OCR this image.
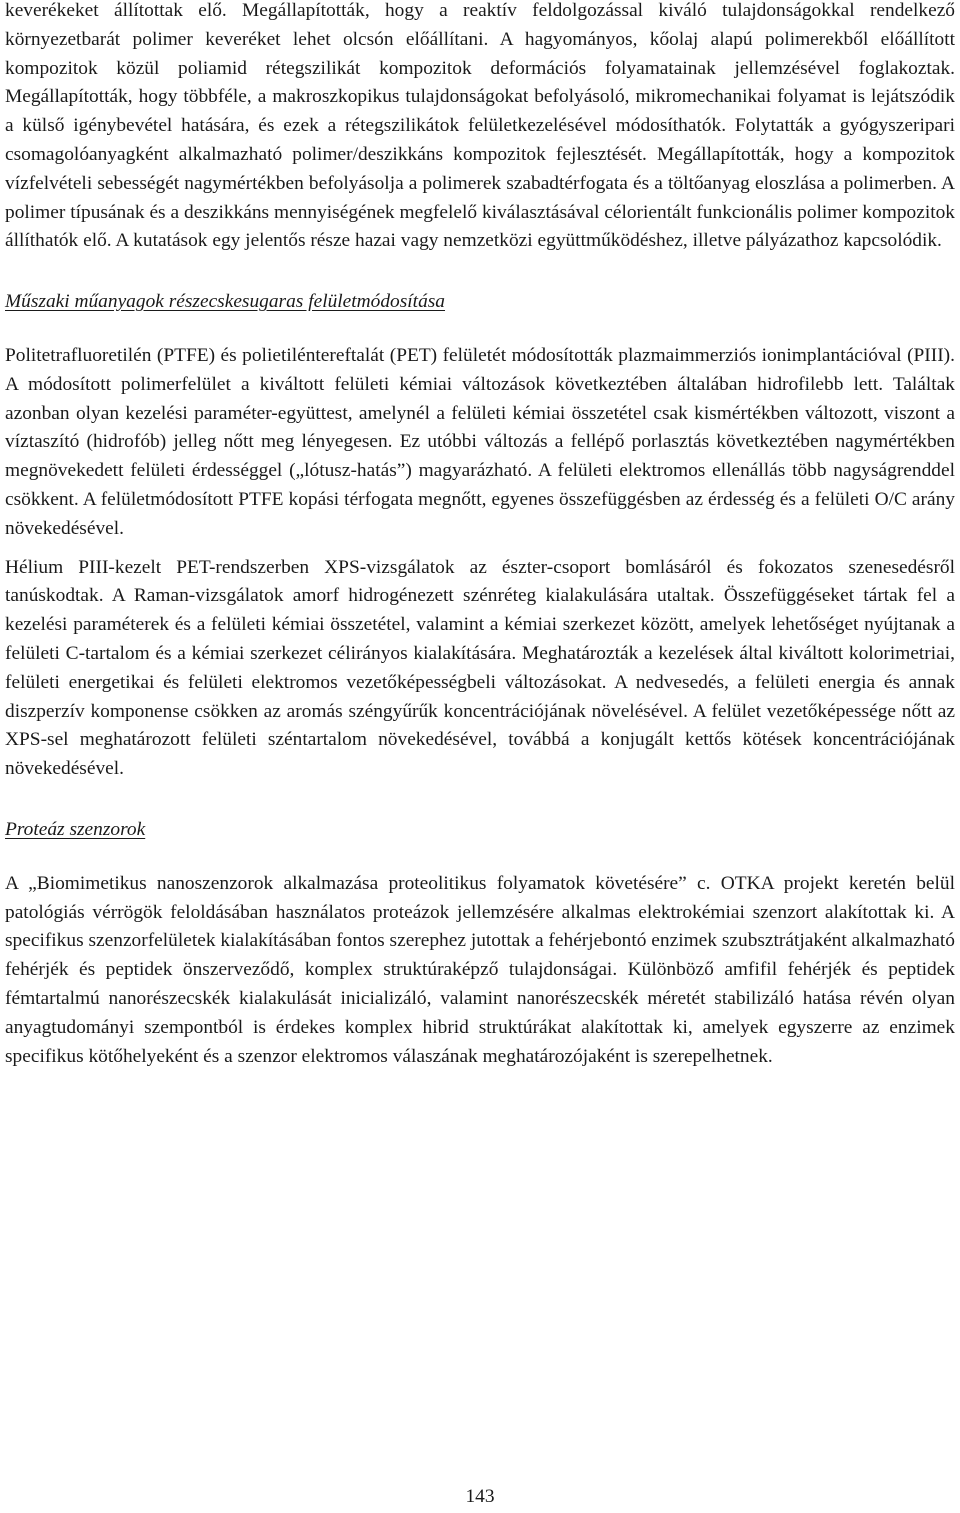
keverékeket állítottak elő. Megállapították, hogy a reaktív feldolgozással kiváló tulajdonságokkal rendelkező környezetbarát polimer keveréket lehet olcsón előállítani. A hagyományos, kőolaj alapú polimerekből előállított kompozitok közül poliamid rétegszilikát kompozitok deformációs folyamatainak jellemzésével foglakoztak. Megállapították, hogy többféle, a makroszkopikus tulajdonságokat befolyásoló, mikromechanikai folyamat is lejátszódik a külső igénybevétel hatására, és ezek a rétegszilikátok felületkezelésével módosíthatók. Folytatták a gyógyszeripari csomagolóanyagként alkalmazható polimer/deszikkáns kompozitok fejlesztését. Megállapították, hogy a kompozitok vízfelvételi sebességét nagymértékben befolyásolja a polimerek szabadtérfogata és a töltőanyag eloszlása a polimerben. A polimer típusának és a deszikkáns mennyiségének megfelelő kiválasztásával célorientált funkcionális polimer kompozitok állíthatók elő. A kutatások egy jelentős része hazai vagy nemzetközi együttműködéshez, illetve pályázathoz kapcsolódik.

Műszaki műanyagok részecskesugaras felületmódosítása

Politetrafluoretilén (PTFE) és polietiléntereftalát (PET) felületét módosították plazmaimmerziós ionimplantációval (PIII). A módosított polimerfelület a kiváltott felületi kémiai változások következtében általában hidrofilebb lett. Találtak azonban olyan kezelési paraméter-együttest, amelynél a felületi kémiai összetétel csak kismértékben változott, viszont a víztaszító (hidrofób) jelleg nőtt meg lényegesen. Ez utóbbi változás a fellépő porlasztás következtében nagymértékben megnövekedett felületi érdességgel („lótusz-hatás”) magyarázható. A felületi elektromos ellenállás több nagyságrenddel csökkent. A felületmódosított PTFE kopási térfogata megnőtt, egyenes összefüggésben az érdesség és a felületi O/C arány növekedésével.

Hélium PIII-kezelt PET-rendszerben XPS-vizsgálatok az észter-csoport bomlásáról és fokozatos szenesedésről tanúskodtak. A Raman-vizsgálatok amorf hidrogénezett szénréteg kialakulására utaltak. Összefüggéseket tártak fel a kezelési paraméterek és a felületi kémiai összetétel, valamint a kémiai szerkezet között, amelyek lehetőséget nyújtanak a felületi C-tartalom és a kémiai szerkezet célirányos kialakítására. Meghatározták a kezelések által kiváltott kolorimetriai, felületi energetikai és felületi elektromos vezetőképességbeli változásokat. A nedvesedés, a felületi energia és annak diszperzív komponense csökken az aromás széngyűrűk koncentrációjának növelésével. A felület vezetőképessége nőtt az XPS-sel meghatározott felületi széntartalom növekedésével, továbbá a konjugált kettős kötések koncentrációjának növekedésével.

Proteáz szenzorok

A „Biomimetikus nanoszenzorok alkalmazása proteolitikus folyamatok követésére” c. OTKA projekt keretén belül patológiás vérrögök feloldásában használatos proteázok jellemzésére alkalmas elektrokémiai szenzort alakítottak ki. A specifikus szenzorfelületek kialakításában fontos szerephez jutottak a fehérjebontó enzimek szubsztrátjaként alkalmazható fehérjék és peptidek önszerveződő, komplex struktúraképző tulajdonságai. Különböző amfifil fehérjék és peptidek fémtartalmú nanorészecskék kialakulását inicializáló, valamint nanorészecskék méretét stabilizáló hatása révén olyan anyagtudományi szempontból is érdekes komplex hibrid struktúrákat alakítottak ki, amelyek egyszerre az enzimek specifikus kötőhelyeként és a szenzor elektromos válaszának meghatározójaként is szerepelhetnek.

143
